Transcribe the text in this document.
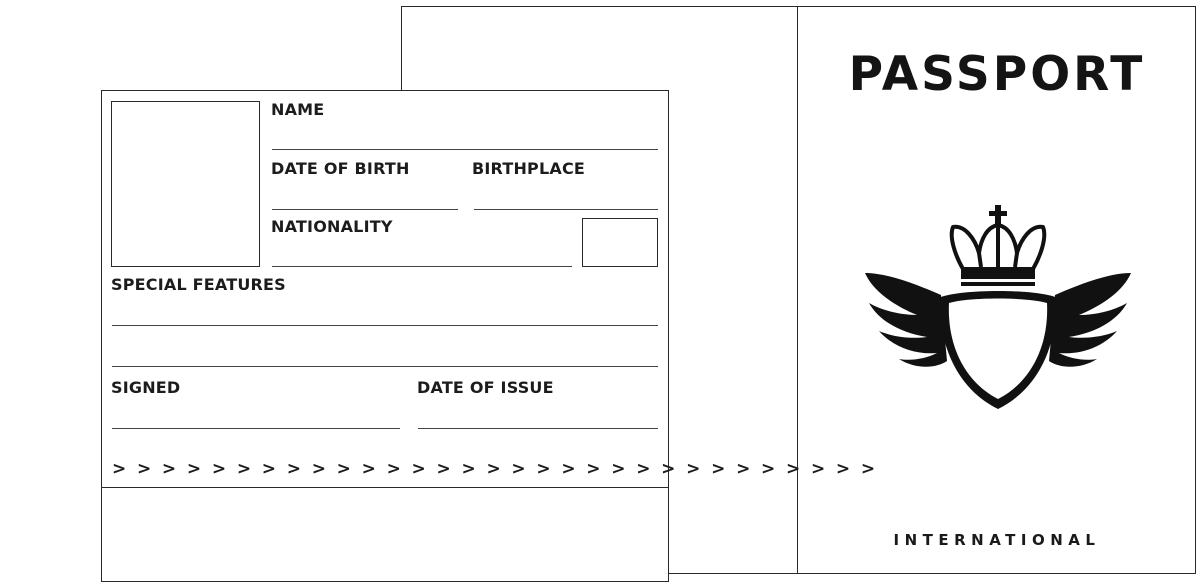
PASSPORT
INTERNATIONAL
NAME
DATE OF BIRTH	BIRTHPLACE
NATIONALITY
SPECIAL FEATURES
SIGNED	DATE OF ISSUE
> > > > > > > > > > > > > > > > > > > > > > > > > > > > > > >
